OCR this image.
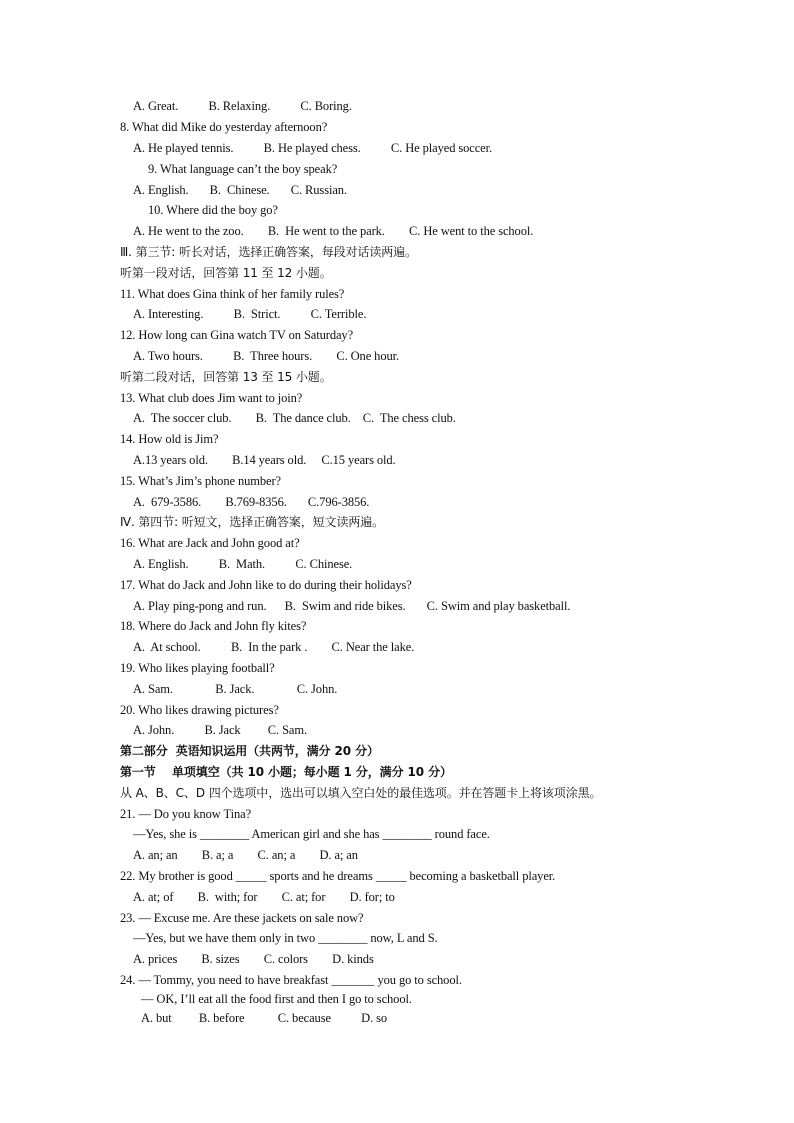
A. Great.          B. Relaxing.          C. Boring.
8. What did Mike do yesterday afternoon?
A. He played tennis.          B. He played chess.          C. He played soccer.
9. What language can’t the boy speak?
A. English.       B.  Chinese.       C. Russian.
10. Where did the boy go?
A. He went to the zoo.        B.  He went to the park.        C. He went to the school.
Ⅲ. 第三节: 听长对话，选择正确答案，每段对话读两遍。
听第一段对话，回答第 11 至 12 小题。
11. What does Gina think of her family rules?
A. Interesting.          B.  Strict.          C. Terrible.
12. How long can Gina watch TV on Saturday?
A. Two hours.          B.  Three hours.        C. One hour.
听第二段对话，回答第 13 至 15 小题。
13. What club does Jim want to join?
A.  The soccer club.        B.  The dance club.    C.  The chess club.
14. How old is Jim?
A.13 years old.        B.14 years old.     C.15 years old.
15. What’s Jim’s phone number?
A.  679-3586.        B.769-8356.       C.796-3856.
Ⅳ. 第四节: 听短文，选择正确答案，短文读两遍。
16. What are Jack and John good at?
A. English.          B.  Math.          C. Chinese.
17. What do Jack and John like to do during their holidays?
A. Play ping-pong and run.      B.  Swim and ride bikes.       C. Swim and play basketball.
18. Where do Jack and John fly kites?
A.  At school.          B.  In the park .        C. Near the lake.
19. Who likes playing football?
A. Sam.              B. Jack.              C. John.
20. Who likes drawing pictures?
A. John.          B. Jack         C. Sam.
第二部分  英语知识运用（共两节，满分 20 分）
第一节    单项填空（共 10 小题；每小题 1 分，满分 10 分）
从 A、B、C、D 四个选项中，选出可以填入空白处的最佳选项。并在答题卡上将该项涂黑。
21. — Do you know Tina?
—Yes, she is ________ American girl and she has ________ round face.
A. an; an        B. a; a        C. an; a        D. a; an
22. My brother is good _____ sports and he dreams _____ becoming a basketball player.
A. at; of        B.  with; for        C. at; for        D. for; to
23. — Excuse me. Are these jackets on sale now?
—Yes, but we have them only in two ________ now, L and S.
A. prices        B. sizes        C. colors        D. kinds
24. — Tommy, you need to have breakfast _______ you go to school.
— OK, I’ll eat all the food first and then I go to school.
A. but         B. before           C. because          D. so
